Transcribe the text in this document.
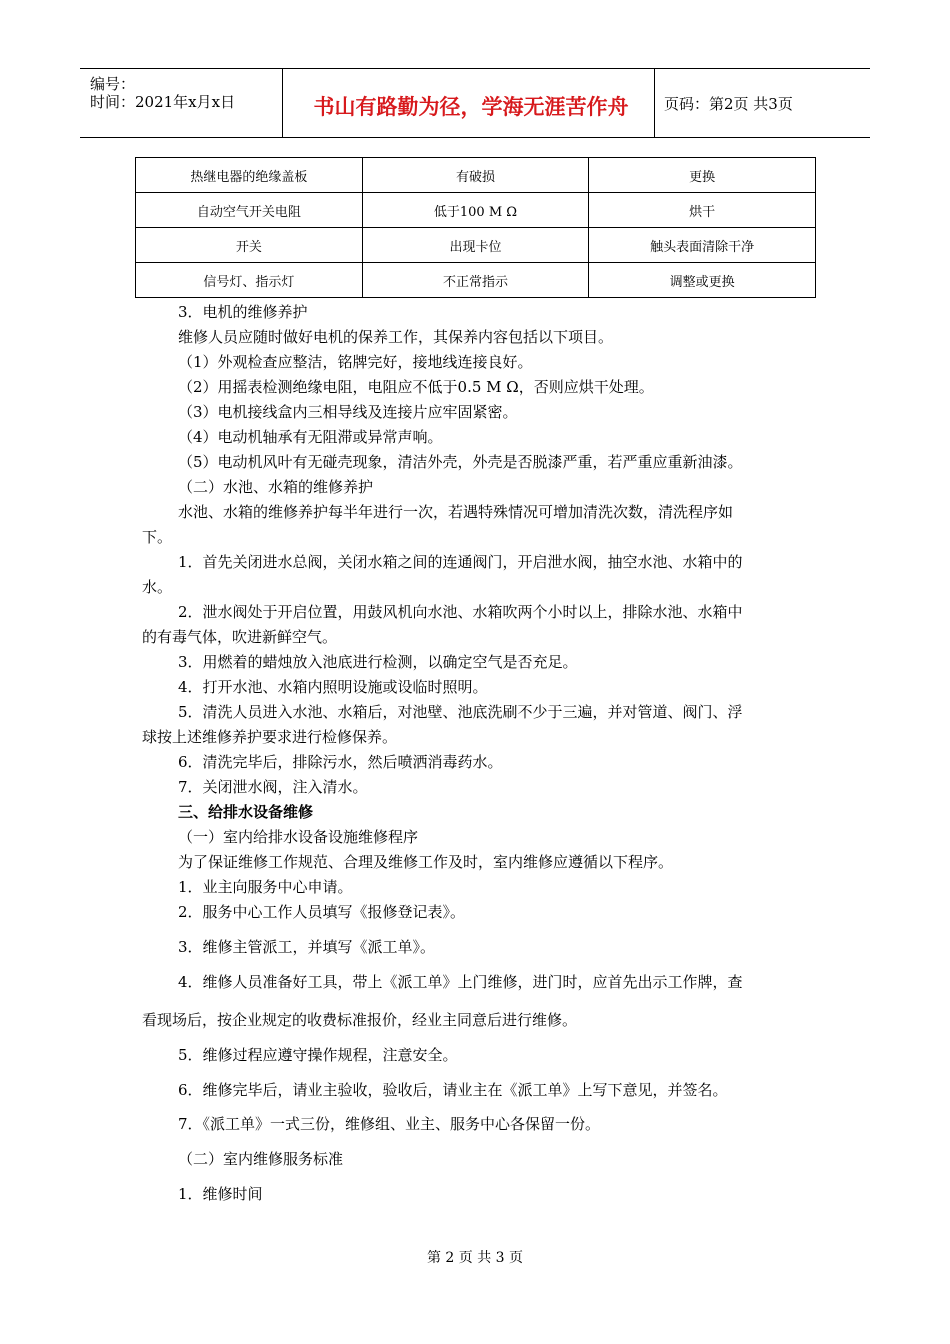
编号：
时间：2021年x月x日	书山有路勤为径，学海无涯苦作舟	页码：第2页 共3页
热继电器的绝缘盖板	有破损	更换
自动空气开关电阻	低于100 M Ω	烘干
开关	出现卡位	触头表面清除干净
信号灯、指示灯	不正常指示	调整或更换
3．电机的维修养护
维修人员应随时做好电机的保养工作，其保养内容包括以下项目。
（1）外观检查应整洁，铭牌完好，接地线连接良好。
（2）用摇表检测绝缘电阻，电阻应不低于0.5 M Ω，否则应烘干处理。
（3）电机接线盒内三相导线及连接片应牢固紧密。
（4）电动机轴承有无阻滞或异常声响。
（5）电动机风叶有无碰壳现象，清洁外壳，外壳是否脱漆严重，若严重应重新油漆。
（二）水池、水箱的维修养护
水池、水箱的维修养护每半年进行一次，若遇特殊情况可增加清洗次数，清洗程序如
下。
1．首先关闭进水总阀，关闭水箱之间的连通阀门，开启泄水阀，抽空水池、水箱中的
水。
2．泄水阀处于开启位置，用鼓风机向水池、水箱吹两个小时以上，排除水池、水箱中
的有毒气体，吹进新鲜空气。
3．用燃着的蜡烛放入池底进行检测，以确定空气是否充足。
4．打开水池、水箱内照明设施或设临时照明。
5．清洗人员进入水池、水箱后，对池壁、池底洗刷不少于三遍，并对管道、阀门、浮
球按上述维修养护要求进行检修保养。
6．清洗完毕后，排除污水，然后喷洒消毒药水。
7．关闭泄水阀，注入清水。
三、给排水设备维修
（一）室内给排水设备设施维修程序
为了保证维修工作规范、合理及维修工作及时，室内维修应遵循以下程序。
1．业主向服务中心申请。
2．服务中心工作人员填写《报修登记表》。
3．维修主管派工，并填写《派工单》。
4．维修人员准备好工具，带上《派工单》上门维修，进门时，应首先出示工作牌，查
看现场后，按企业规定的收费标准报价，经业主同意后进行维修。
5．维修过程应遵守操作规程，注意安全。
6．维修完毕后，请业主验收，验收后，请业主在《派工单》上写下意见，并签名。
7．《派工单》一式三份，维修组、业主、服务中心各保留一份。
（二）室内维修服务标准
1．维修时间
第 2 页 共 3 页
